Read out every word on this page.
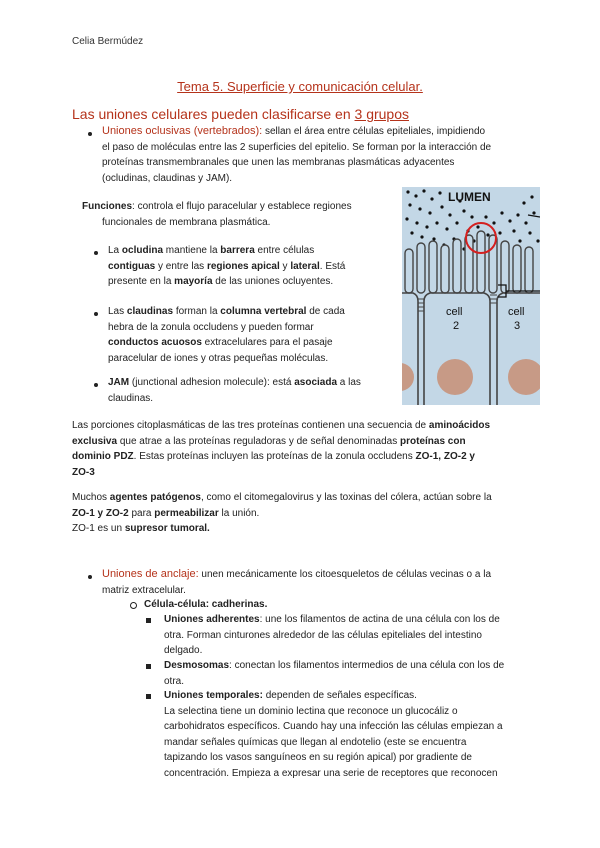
Celia Bermúdez
Tema 5. Superficie y comunicación celular.
Las uniones celulares pueden clasificarse en 3 grupos
Uniones oclusivas (vertebrados): sellan el área entre células epiteliales, impidiendo
el paso de moléculas entre las 2 superficies del epitelio. Se forman por la interacción de
proteínas transmembranales que unen las membranas plasmáticas adyacentes
(ocludinas, claudinas y JAM).
Funciones: controla el flujo paracelular y establece regiones
funcionales de membrana plasmática.
La ocludina mantiene la barrera entre células
contiguas y entre las regiones apical y lateral. Está
presente en la mayoría de las uniones ocluyentes.
Las claudinas forman la columna vertebral de cada
hebra de la zonula occludens y pueden formar
conductos acuosos extracelulares para el pasaje
paracelular de iones y otras pequeñas moléculas.
JAM (junctional adhesion molecule): está asociada a las
claudinas.
LUMEN
cell
2
cell
3
Las porciones citoplasmáticas de las tres proteínas contienen una secuencia de aminoácidos
exclusiva que atrae a las proteínas reguladoras y de señal denominadas proteínas con
dominio PDZ. Estas proteínas incluyen las proteínas de la zonula occludens ZO-1, ZO-2 y
ZO-3
Muchos agentes patógenos, como el citomegalovirus y las toxinas del cólera, actúan sobre la
ZO-1 y ZO-2 para permeabilizar la unión.
ZO-1 es un supresor tumoral.
Uniones de anclaje: unen mecánicamente los citoesqueletos de células vecinas o a la
matriz extracelular.
Célula-célula: cadherinas.
Uniones adherentes: une los filamentos de actina de una célula con los de
otra. Forman cinturones alrededor de las células epiteliales del intestino
delgado.
Desmosomas: conectan los filamentos intermedios de una célula con los de
otra.
Uniones temporales: dependen de señales específicas.
La selectina tiene un dominio lectina que reconoce un glucocáliz o
carbohidratos específicos. Cuando hay una infección las células empiezan a
mandar señales químicas que llegan al endotelio (este se encuentra
tapizando los vasos sanguíneos en su región apical) por gradiente de
concentración. Empieza a expresar una serie de receptores que reconocen
